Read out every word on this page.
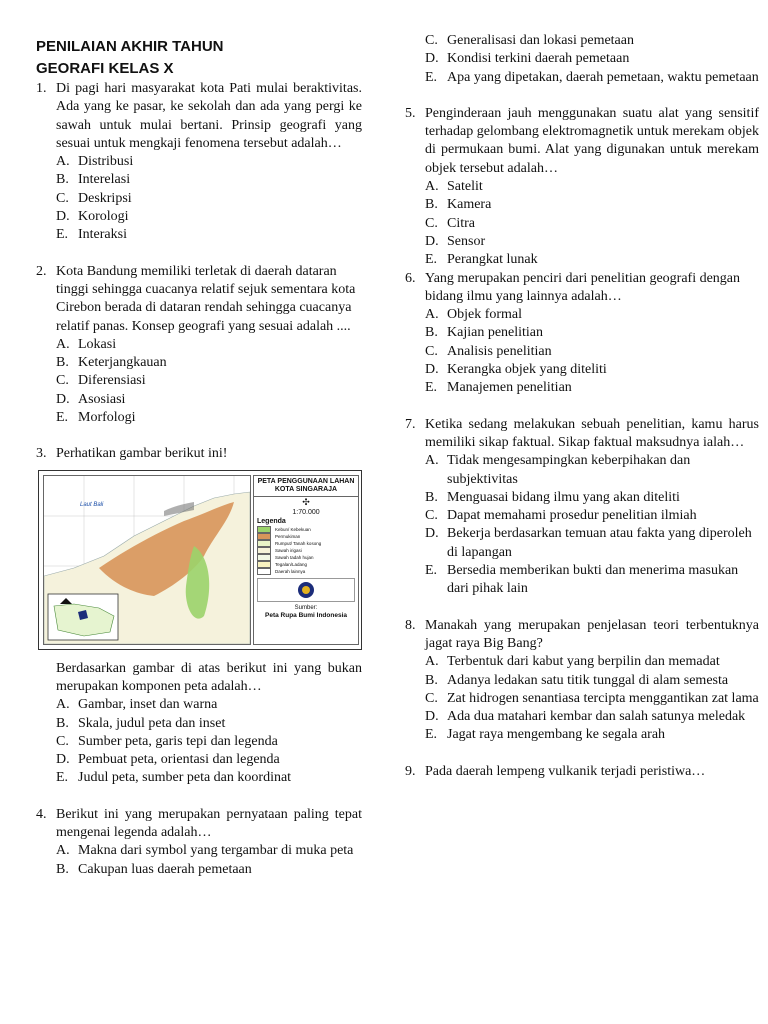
PENILAIAN AKHIR TAHUN

GEORAFI KELAS X

1. Di pagi hari masyarakat kota Pati mulai beraktivitas. Ada yang ke pasar, ke sekolah dan ada yang pergi ke sawah untuk mulai bertani. Prinsip geografi yang sesuai untuk mengkaji fenomena tersebut adalah…
A. Distribusi
B. Interelasi
C. Deskripsi
D. Korologi
E. Interaksi
2. Kota Bandung memiliki terletak di daerah dataran tinggi sehingga cuacanya relatif sejuk sementara kota Cirebon berada di dataran rendah sehingga cuacanya relatif panas. Konsep geografi yang sesuai adalah ....
A. Lokasi
B. Keterjangkauan
C. Diferensiasi
D. Asosiasi
E. Morfologi
3. Perhatikan gambar berikut ini!
Laut Bali
PETA PENGGUNAAN LAHAN
KOTA SINGARAJA
✣
1:70.000
Legenda
Kebun/ Kebekuan
Permukiman
Rumput/ Tanah kosong
Sawah irigasi
Sawah tadah hujan
Tegalan/Ladang
Daerah lainnya
Sumber:
Peta Rupa Bumi Indonesia
Berdasarkan gambar di atas berikut ini yang bukan merupakan komponen peta adalah…
A. Gambar, inset dan warna
B. Skala, judul peta dan inset
C. Sumber peta, garis tepi dan legenda
D. Pembuat peta, orientasi dan legenda
E. Judul peta, sumber peta dan koordinat
4. Berikut ini yang merupakan pernyataan paling tepat mengenai legenda adalah…
A. Makna dari symbol yang tergambar di muka peta
B. Cakupan luas daerah pemetaan
C. Generalisasi dan lokasi pemetaan
D. Kondisi terkini daerah pemetaan
E. Apa yang dipetakan, daerah pemetaan, waktu pemetaan
5. Penginderaan jauh menggunakan suatu alat yang sensitif terhadap gelombang elektromagnetik untuk merekam objek di permukaan bumi. Alat yang digunakan untuk merekam objek tersebut adalah…
A. Satelit
B. Kamera
C. Citra
D. Sensor
E. Perangkat lunak
6. Yang merupakan penciri dari penelitian geografi dengan bidang ilmu yang lainnya adalah…
A. Objek formal
B. Kajian penelitian
C. Analisis penelitian
D. Kerangka objek yang diteliti
E. Manajemen penelitian
7. Ketika sedang melakukan sebuah penelitian, kamu harus memiliki sikap faktual. Sikap faktual maksudnya ialah…
A. Tidak mengesampingkan keberpihakan dan subjektivitas
B. Menguasai bidang ilmu yang akan diteliti
C. Dapat memahami prosedur penelitian ilmiah
D. Bekerja berdasarkan temuan atau fakta yang diperoleh di lapangan
E. Bersedia memberikan bukti dan menerima masukan dari pihak lain
8. Manakah yang merupakan penjelasan teori terbentuknya jagat raya Big Bang?
A. Terbentuk dari kabut yang berpilin dan memadat
B. Adanya ledakan satu titik tunggal di alam semesta
C. Zat hidrogen senantiasa tercipta menggantikan zat lama
D. Ada dua matahari kembar dan salah satunya meledak
E. Jagat raya mengembang ke segala arah
9. Pada daerah lempeng vulkanik terjadi peristiwa…
